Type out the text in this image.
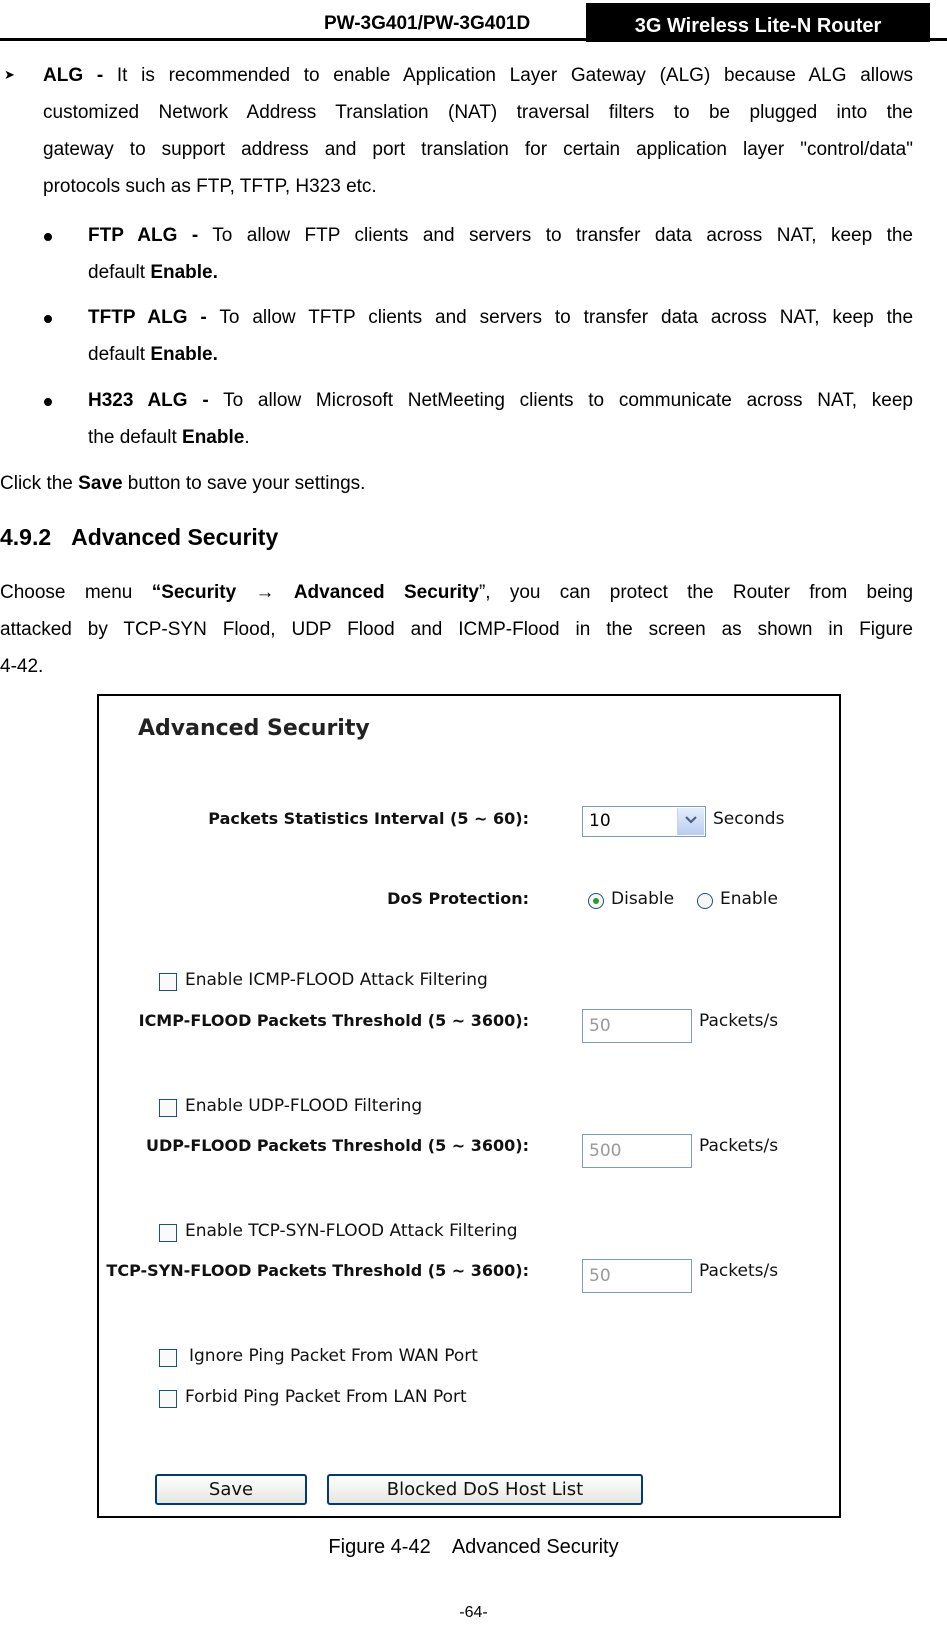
PW-3G401/PW-3G401D	3G Wireless Lite-N Router
➤ ALG - It is recommended to enable Application Layer Gateway (ALG) because ALG allows
customized Network Address Translation (NAT) traversal filters to be plugged into the
gateway to support address and port translation for certain application layer "control/data"
protocols such as FTP, TFTP, H323 etc.
FTP ALG - To allow FTP clients and servers to transfer data across NAT, keep the
default Enable.
TFTP ALG - To allow TFTP clients and servers to transfer data across NAT, keep the
default Enable.
H323 ALG - To allow Microsoft NetMeeting clients to communicate across NAT, keep
the default Enable.
Click the Save button to save your settings.
4.9.2 Advanced Security
Choose menu “Security → Advanced Security”, you can protect the Router from being
attacked by TCP-SYN Flood, UDP Flood and ICMP-Flood in the screen as shown in Figure
4-42.
Advanced Security
Packets Statistics Interval (5 ~ 60):	10	Seconds
DoS Protection:	Disable	Enable
Enable ICMP-FLOOD Attack Filtering
ICMP-FLOOD Packets Threshold (5 ~ 3600):	50	Packets/s
Enable UDP-FLOOD Filtering
UDP-FLOOD Packets Threshold (5 ~ 3600):	500	Packets/s
Enable TCP-SYN-FLOOD Attack Filtering
TCP-SYN-FLOOD Packets Threshold (5 ~ 3600):	50	Packets/s
Ignore Ping Packet From WAN Port
Forbid Ping Packet From LAN Port
Save	Blocked DoS Host List
Figure 4-42    Advanced Security
-64-
